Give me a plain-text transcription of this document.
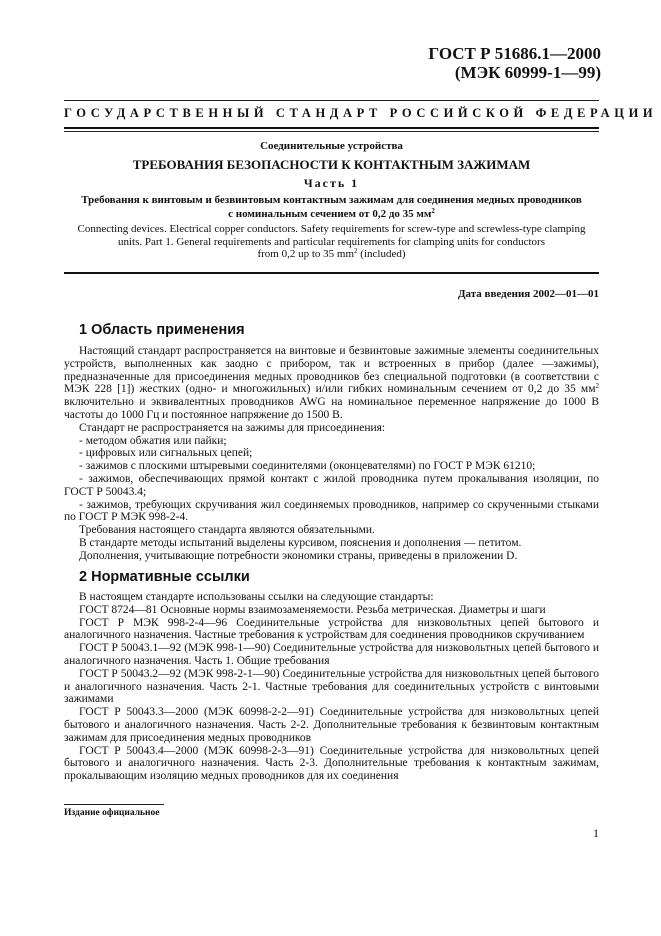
ГОСТ Р 51686.1—2000
(МЭК 60999-1—99)
ГОСУДАРСТВЕННЫЙ СТАНДАРТ РОССИЙСКОЙ ФЕДЕРАЦИИ
Соединительные устройства
ТРЕБОВАНИЯ БЕЗОПАСНОСТИ К КОНТАКТНЫМ ЗАЖИМАМ
Часть 1
Требования к винтовым и безвинтовым контактным зажимам для соединения медных проводников
с номинальным сечением от 0,2 до 35 $мм^2$
Connecting devices. Electrical copper conductors. Safety requirements for screw-type and screwless-type clamping
units. Part 1. General requirements and particular requirements for clamping units for conductors
from 0,2 up to 35 $mm^2$ (included)
Дата введения 2002—01—01
1 Область применения

Настоящий стандарт распространяется на винтовые и безвинтовые зажимные элементы соединительных устройств, выполненных как заодно с прибором, так и встроенных в прибор (далее —зажимы), предназначенные для присоединения медных проводников без специальной подготовки (в соответствии с МЭК 228 [1]) жестких (одно- и многожильных) и/или гибких номинальным сечением от 0,2 до 35 $мм^2$ включительно и эквивалентных проводников AWG на номинальное переменное напряжение до 1000 В частоты до 1000 Гц и постоянное напряжение до 1500 В.

Стандарт не распространяется на зажимы для присоединения:

- методом обжатия или пайки;

- цифровых или сигнальных цепей;

- зажимов с плоскими штыревыми соединителями (оконцевателями) по ГОСТ Р МЭК 61210;

- зажимов, обеспечивающих прямой контакт с жилой проводника путем прокалывания изоляции, по ГОСТ Р 50043.4;

- зажимов, требующих скручивания жил соединяемых проводников, например со скрученными стыками по ГОСТ Р МЭК 998-2-4.

Требования настоящего стандарта являются обязательными.

В стандарте методы испытаний выделены курсивом, пояснения и дополнения — петитом.

Дополнения, учитывающие потребности экономики страны, приведены в приложении D.

2 Нормативные ссылки

В настоящем стандарте использованы ссылки на следующие стандарты:

ГОСТ 8724—81 Основные нормы взаимозаменяемости. Резьба метрическая. Диаметры и шаги

ГОСТ Р МЭК 998-2-4—96 Соединительные устройства для низковольтных цепей бытового и аналогичного назначения. Частные требования к устройствам для соединения проводников скручиванием

ГОСТ Р 50043.1—92 (МЭК 998-1—90) Соединительные устройства для низковольтных цепей бытового и аналогичного назначения. Часть 1. Общие требования

ГОСТ Р 50043.2—92 (МЭК 998-2-1—90) Соединительные устройства для низковольтных цепей бытового и аналогичного назначения. Часть 2-1. Частные требования для соединительных устройств с винтовыми зажимами

ГОСТ Р 50043.3—2000 (МЭК 60998-2-2—91) Соединительные устройства для низковольтных цепей бытового и аналогичного назначения. Часть 2-2. Дополнительные требования к безвинтовым контактным зажимам для присоединения медных проводников

ГОСТ Р 50043.4—2000 (МЭК 60998-2-3—91) Соединительные устройства для низковольтных цепей бытового и аналогичного назначения. Часть 2-3. Дополнительные требования к контактным зажимам, прокалывающим изоляцию медных проводников для их соединения

Издание официальное
1
